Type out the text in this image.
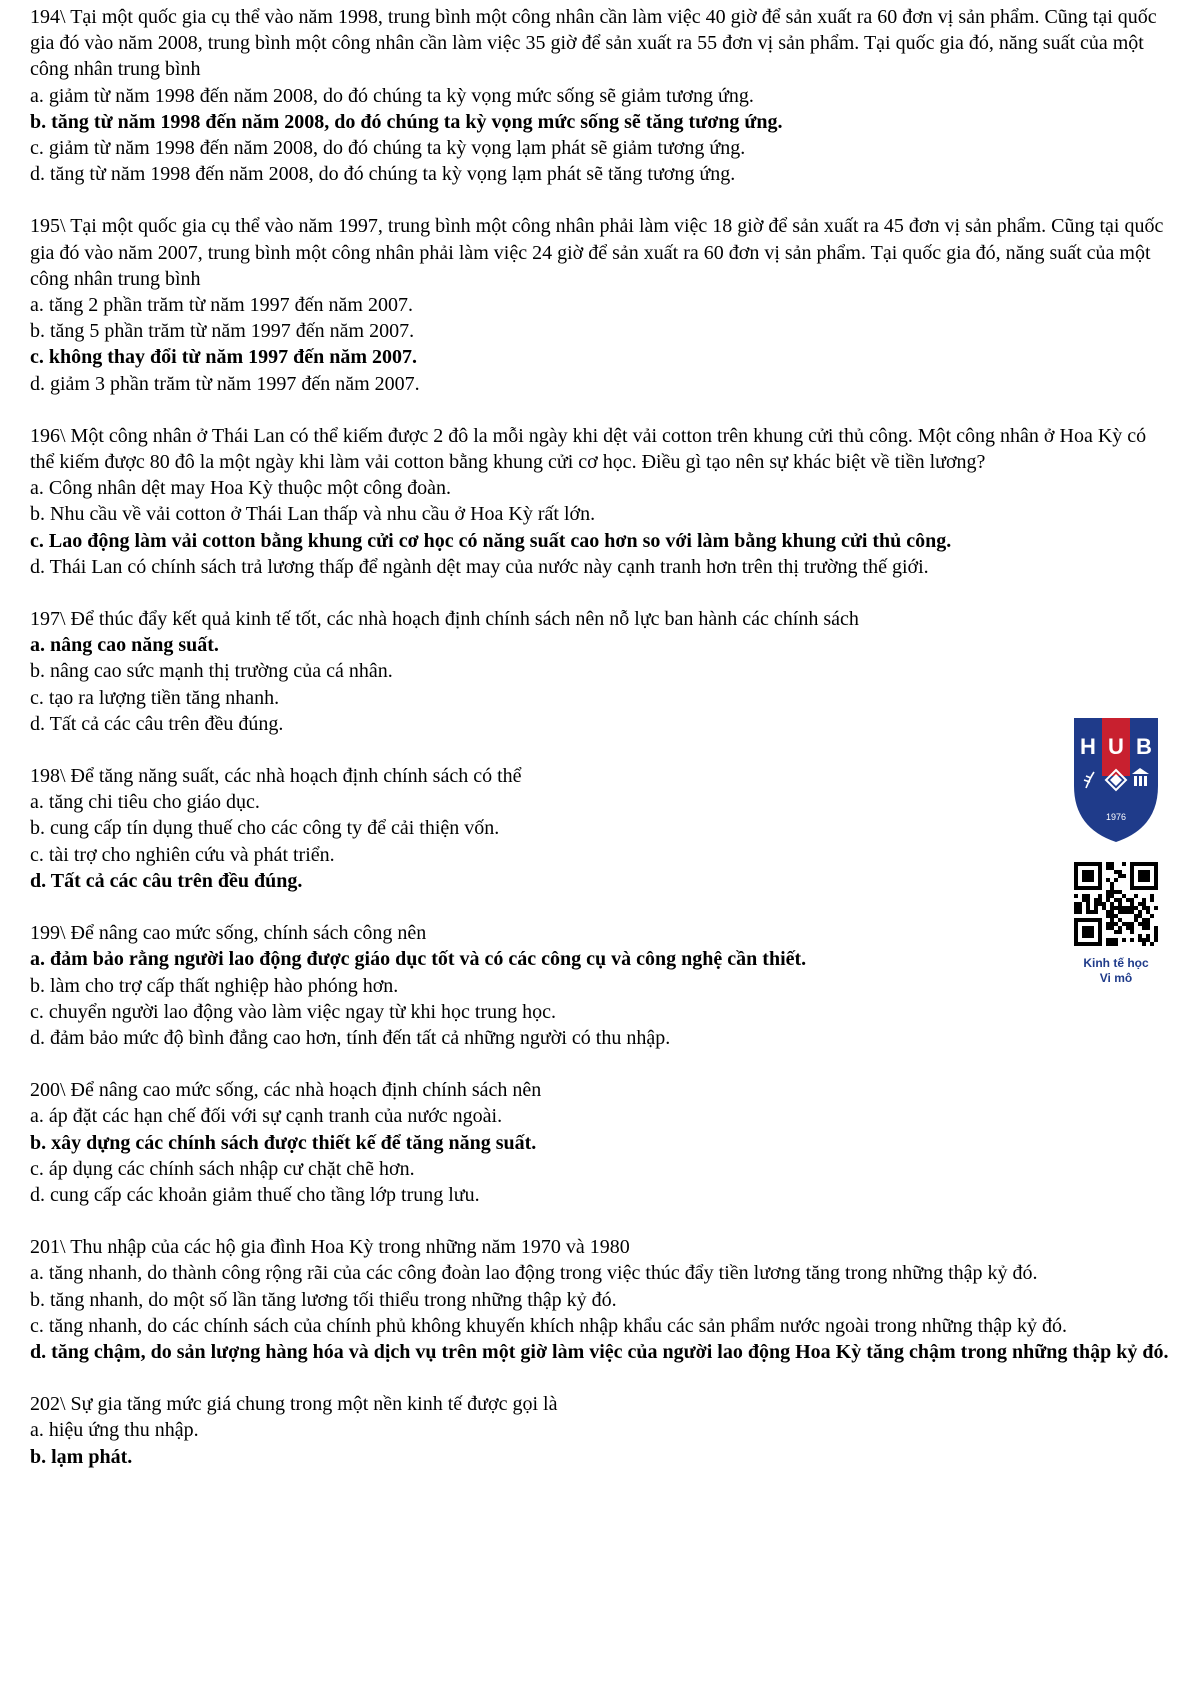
194\ Tại một quốc gia cụ thể vào năm 1998, trung bình một công nhân cần làm việc 40 giờ để sản xuất ra 60 đơn vị sản phẩm. Cũng tại quốc gia đó vào năm 2008, trung bình một công nhân cần làm việc 35 giờ để sản xuất ra 55 đơn vị sản phẩm. Tại quốc gia đó, năng suất của một công nhân trung bình

a. giảm từ năm 1998 đến năm 2008, do đó chúng ta kỳ vọng mức sống sẽ giảm tương ứng.

b. tăng từ năm 1998 đến năm 2008, do đó chúng ta kỳ vọng mức sống sẽ tăng tương ứng.

c. giảm từ năm 1998 đến năm 2008, do đó chúng ta kỳ vọng lạm phát sẽ giảm tương ứng.

d. tăng từ năm 1998 đến năm 2008, do đó chúng ta kỳ vọng lạm phát sẽ tăng tương ứng.

195\ Tại một quốc gia cụ thể vào năm 1997, trung bình một công nhân phải làm việc 18 giờ để sản xuất ra 45 đơn vị sản phẩm. Cũng tại quốc gia đó vào năm 2007, trung bình một công nhân phải làm việc 24 giờ để sản xuất ra 60 đơn vị sản phẩm. Tại quốc gia đó, năng suất của một công nhân trung bình

a. tăng 2 phần trăm từ năm 1997 đến năm 2007.

b. tăng 5 phần trăm từ năm 1997 đến năm 2007.

c. không thay đổi từ năm 1997 đến năm 2007.

d. giảm 3 phần trăm từ năm 1997 đến năm 2007.

196\ Một công nhân ở Thái Lan có thể kiếm được 2 đô la mỗi ngày khi dệt vải cotton trên khung cửi thủ công. Một công nhân ở Hoa Kỳ có thể kiếm được 80 đô la một ngày khi làm vải cotton bằng khung cửi cơ học. Điều gì tạo nên sự khác biệt về tiền lương?

a. Công nhân dệt may Hoa Kỳ thuộc một công đoàn.

b. Nhu cầu về vải cotton ở Thái Lan thấp và nhu cầu ở Hoa Kỳ rất lớn.

c. Lao động làm vải cotton bằng khung cửi cơ học có năng suất cao hơn so với làm bằng khung cửi thủ công.

d. Thái Lan có chính sách trả lương thấp để ngành dệt may của nước này cạnh tranh hơn trên thị trường thế giới.

197\ Để thúc đẩy kết quả kinh tế tốt, các nhà hoạch định chính sách nên nỗ lực ban hành các chính sách

a. nâng cao năng suất.

b. nâng cao sức mạnh thị trường của cá nhân.

c. tạo ra lượng tiền tăng nhanh.

d. Tất cả các câu trên đều đúng.

198\ Để tăng năng suất, các nhà hoạch định chính sách có thể

a. tăng chi tiêu cho giáo dục.

b. cung cấp tín dụng thuế cho các công ty để cải thiện vốn.

c. tài trợ cho nghiên cứu và phát triển.

d. Tất cả các câu trên đều đúng.

199\ Để nâng cao mức sống, chính sách công nên

a. đảm bảo rằng người lao động được giáo dục tốt và có các công cụ và công nghệ cần thiết.

b. làm cho trợ cấp thất nghiệp hào phóng hơn.

c. chuyển người lao động vào làm việc ngay từ khi học trung học.

d. đảm bảo mức độ bình đẳng cao hơn, tính đến tất cả những người có thu nhập.

200\ Để nâng cao mức sống, các nhà hoạch định chính sách nên

a. áp đặt các hạn chế đối với sự cạnh tranh của nước ngoài.

b. xây dựng các chính sách được thiết kế để tăng năng suất.

c. áp dụng các chính sách nhập cư chặt chẽ hơn.

d. cung cấp các khoản giảm thuế cho tầng lớp trung lưu.

201\ Thu nhập của các hộ gia đình Hoa Kỳ trong những năm 1970 và 1980

a. tăng nhanh, do thành công rộng rãi của các công đoàn lao động trong việc thúc đẩy tiền lương tăng trong những thập kỷ đó.

b. tăng nhanh, do một số lần tăng lương tối thiểu trong những thập kỷ đó.

c. tăng nhanh, do các chính sách của chính phủ không khuyến khích nhập khẩu các sản phẩm nước ngoài trong những thập kỷ đó.

d. tăng chậm, do sản lượng hàng hóa và dịch vụ trên một giờ làm việc của người lao động Hoa Kỳ tăng chậm trong những thập kỷ đó.

202\ Sự gia tăng mức giá chung trong một nền kinh tế được gọi là

a. hiệu ứng thu nhập.

b. lạm phát.

H U B
1976
Kinh tế học
Vi mô
